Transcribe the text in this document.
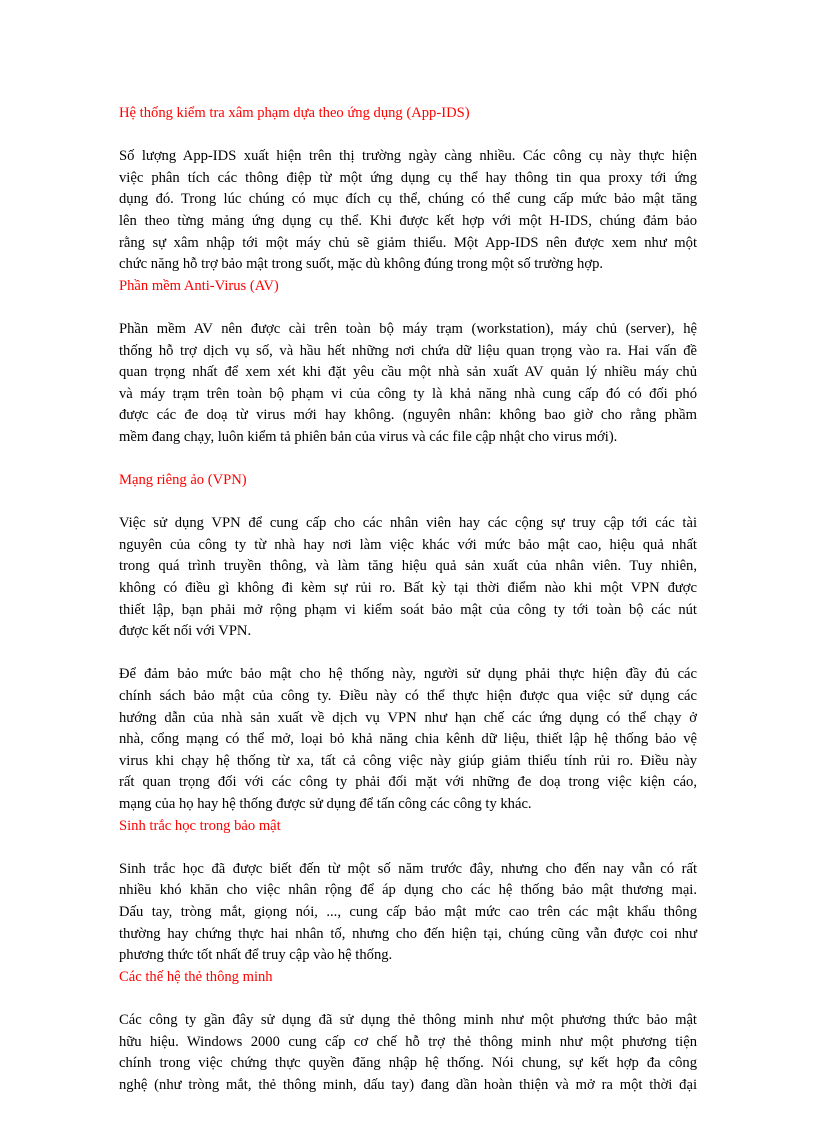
Hệ thống kiểm tra xâm phạm dựa theo ứng dụng (App-IDS)
Số lượng App-IDS xuất hiện trên thị trường ngày càng nhiều. Các công cụ này thực hiện
việc phân tích các thông điệp từ một ứng dụng cụ thể hay thông tin qua proxy tới ứng
dụng đó. Trong lúc chúng có mục đích cụ thể, chúng có thể cung cấp mức bảo mật tăng
lên theo từng mảng ứng dụng cụ thể. Khi được kết hợp với một H-IDS, chúng đảm bảo
rằng sự xâm nhập tới một máy chủ sẽ giảm thiểu. Một App-IDS nên được xem như một
chức năng hỗ trợ bảo mật trong suốt, mặc dù không đúng trong một số trường hợp.
Phần mềm Anti-Virus (AV)
Phần mềm AV nên được cài trên toàn bộ máy trạm (workstation), máy chủ (server), hệ
thống hỗ trợ dịch vụ số, và hầu hết những nơi chứa dữ liệu quan trọng vào ra. Hai vấn đề
quan trọng nhất để xem xét khi đặt yêu cầu một nhà sản xuất AV quản lý nhiều máy chủ
và máy trạm trên toàn bộ phạm vi của công ty là khả năng nhà cung cấp đó có đối phó
được các đe doạ từ virus mới hay không. (nguyên nhân: không bao giờ cho rằng phầm
mềm đang chạy, luôn kiểm tả phiên bản của virus và các file cập nhật cho virus mới).
Mạng riêng ảo (VPN)
Việc sử dụng VPN để cung cấp cho các nhân viên hay các cộng sự truy cập tới các tài
nguyên của công ty từ nhà hay nơi làm việc khác với mức bảo mật cao, hiệu quả nhất
trong quá trình truyền thông, và làm tăng hiệu quả sản xuất của nhân viên. Tuy nhiên,
không có điều gì không đi kèm sự rủi ro. Bất kỳ tại thời điểm nào khi một VPN được
thiết lập, bạn phải mở rộng phạm vi kiểm soát bảo mật của công ty tới toàn bộ các nút
được kết nối với VPN.
Để đảm bảo mức bảo mật cho hệ thống này, người sử dụng phải thực hiện đầy đủ các
chính sách bảo mật của công ty. Điều này có thể thực hiện được qua việc sử dụng các
hướng dẫn của nhà sản xuất về dịch vụ VPN như hạn chế các ứng dụng có thể chạy ở
nhà, cổng mạng có thể mở, loại bỏ khả năng chia kênh dữ liệu, thiết lập hệ thống bảo vệ
virus khi chạy hệ thống từ xa, tất cả công việc này giúp giảm thiểu tính rủi ro. Điều này
rất quan trọng đối với các công ty phải đối mặt với những đe doạ trong việc kiện cáo,
mạng của họ hay hệ thống được sử dụng để tấn công các công ty khác.
Sinh trắc học trong bảo mật
Sinh trắc học đã được biết đến từ một số năm trước đây, nhưng cho đến nay vẫn có rất
nhiều khó khăn cho việc nhân rộng để áp dụng cho các hệ thống bảo mật thương mại.
Dấu tay, tròng mắt, giọng nói, ..., cung cấp bảo mật mức cao trên các mật khẩu thông
thường hay chứng thực hai nhân tố, nhưng cho đến hiện tại, chúng cũng vẫn được coi như
phương thức tốt nhất để truy cập vào hệ thống.
Các thế hệ thẻ thông minh
Các công ty gần đây sử dụng đã sử dụng thẻ thông minh như một phương thức bảo mật
hữu hiệu. Windows 2000 cung cấp cơ chế hỗ trợ thẻ thông minh như một phương tiện
chính trong việc chứng thực quyền đăng nhập hệ thống. Nói chung, sự kết hợp đa công
nghệ (như tròng mắt, thẻ thông minh, dấu tay) đang dần hoàn thiện và mở ra một thời đại
